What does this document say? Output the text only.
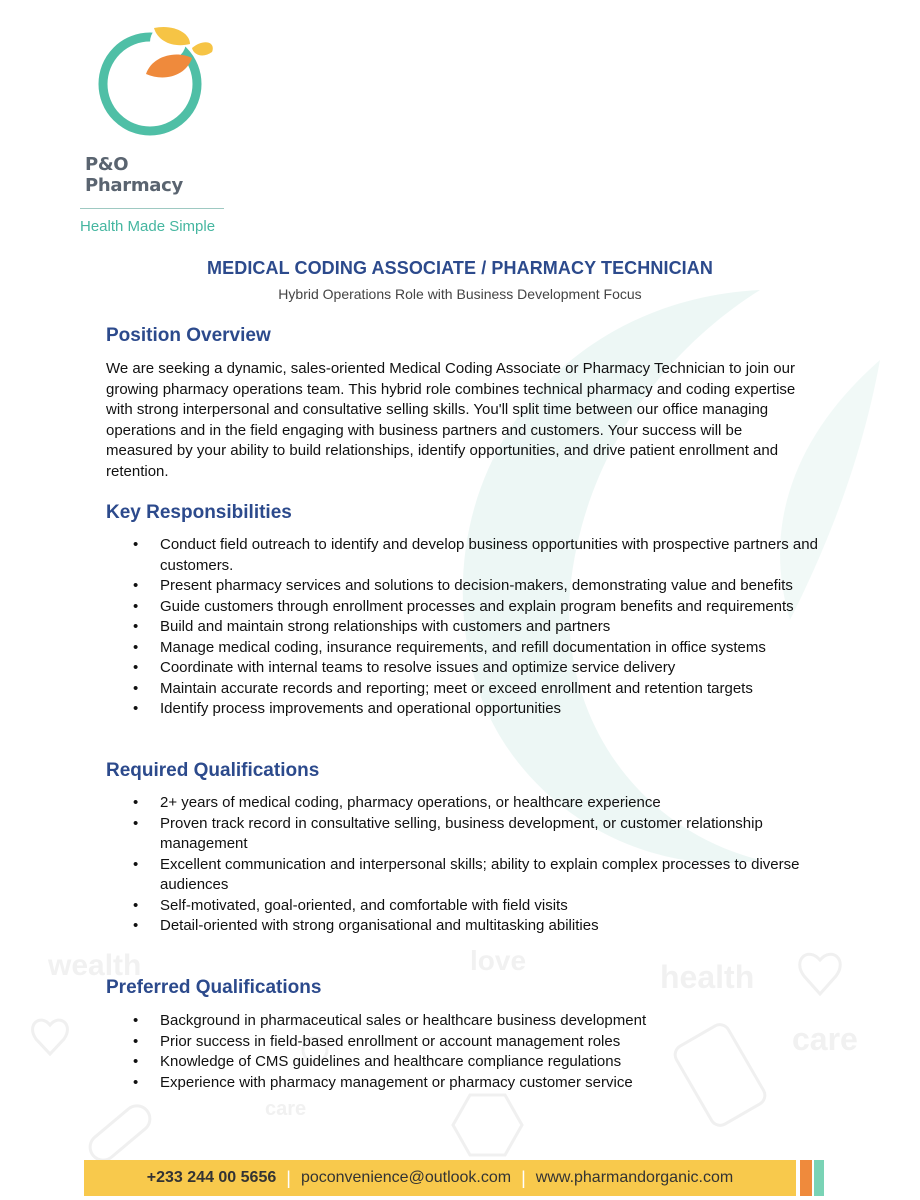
wealth	love	health
care
care
P&O Pharmacy
Health Made Simple
MEDICAL CODING ASSOCIATE / PHARMACY TECHNICIAN
Hybrid Operations Role with Business Development Focus
Position Overview
We are seeking a dynamic, sales-oriented Medical Coding Associate or Pharmacy Technician to join our
growing pharmacy operations team. This hybrid role combines technical pharmacy and coding expertise
with strong interpersonal and consultative selling skills. You'll split time between our office managing
operations and in the field engaging with business partners and customers. Your success will be
measured by your ability to build relationships, identify opportunities, and drive patient enrollment and
retention.
Key Responsibilities
• Conduct field outreach to identify and develop business opportunities with prospective partners and customers.
• Present pharmacy services and solutions to decision-makers, demonstrating value and benefits
• Guide customers through enrollment processes and explain program benefits and requirements
• Build and maintain strong relationships with customers and partners
• Manage medical coding, insurance requirements, and refill documentation in office systems
• Coordinate with internal teams to resolve issues and optimize service delivery
• Maintain accurate records and reporting; meet or exceed enrollment and retention targets
• Identify process improvements and operational opportunities
Required Qualifications
• 2+ years of medical coding, pharmacy operations, or healthcare experience
• Proven track record in consultative selling, business development, or customer relationship management
• Excellent communication and interpersonal skills; ability to explain complex processes to diverse audiences
• Self-motivated, goal-oriented, and comfortable with field visits
• Detail-oriented with strong organisational and multitasking abilities
Preferred Qualifications
• Background in pharmaceutical sales or healthcare business development
• Prior success in field-based enrollment or account management roles
• Knowledge of CMS guidelines and healthcare compliance regulations
• Experience with pharmacy management or pharmacy customer service
+233 244 00 5656 | poconvenience@outlook.com | www.pharmandorganic.com
